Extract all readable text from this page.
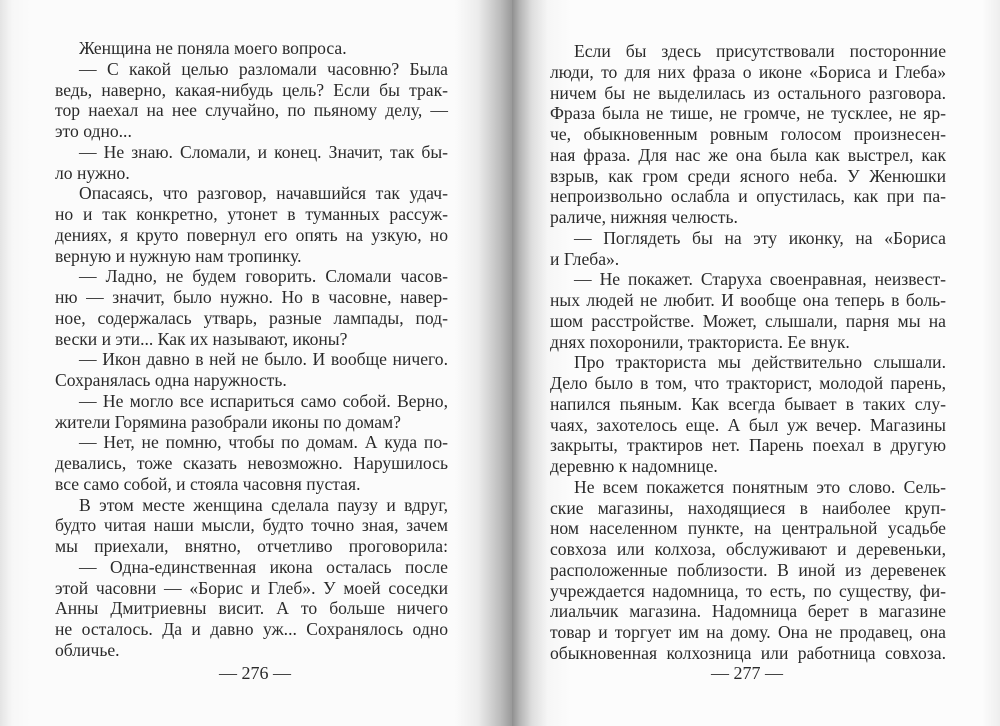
Женщина не поняла моего вопроса.
— С какой целью разломали часовню? Была
ведь, наверно, какая-нибудь цель? Если бы трак-
тор наехал на нее случайно, по пьяному делу, —
это одно...
— Не знаю. Сломали, и конец. Значит, так бы-
ло нужно.
Опасаясь, что разговор, начавшийся так удач-
но и так конкретно, утонет в туманных рассуж-
дениях, я круто повернул его опять на узкую, но
верную и нужную нам тропинку.
— Ладно, не будем говорить. Сломали часов-
ню — значит, было нужно. Но в часовне, навер-
ное, содержалась утварь, разные лампады, под-
вески и эти... Как их называют, иконы?
— Икон давно в ней не было. И вообще ничего.
Сохранялась одна наружность.
— Не могло все испариться само собой. Верно,
жители Горямина разобрали иконы по домам?
— Нет, не помню, чтобы по домам. А куда по-
девались, тоже сказать невозможно. Нарушилось
все само собой, и стояла часовня пустая.
В этом месте женщина сделала паузу и вдруг,
будто читая наши мысли, будто точно зная, зачем
мы приехали, внятно, отчетливо проговорила:
— Одна-единственная икона осталась после
этой часовни — «Борис и Глеб». У моей соседки
Анны Дмитриевны висит. А то больше ничего
не осталось. Да и давно уж... Сохранялось одно
обличье.
— 276 —
Если бы здесь присутствовали посторонние
люди, то для них фраза о иконе «Бориса и Глеба»
ничем бы не выделилась из остального разговора.
Фраза была не тише, не громче, не тусклее, не яр-
че, обыкновенным ровным голосом произнесен-
ная фраза. Для нас же она была как выстрел, как
взрыв, как гром среди ясного неба. У Женюшки
непроизвольно ослабла и опустилась, как при па-
раличе, нижняя челюсть.
— Поглядеть бы на эту иконку, на «Бориса
и Глеба».
— Не покажет. Старуха своенравная, неизвест-
ных людей не любит. И вообще она теперь в боль-
шом расстройстве. Может, слышали, парня мы на
днях похоронили, тракториста. Ее внук.
Про тракториста мы действительно слышали.
Дело было в том, что тракторист, молодой парень,
напился пьяным. Как всегда бывает в таких слу-
чаях, захотелось еще. А был уж вечер. Магазины
закрыты, трактиров нет. Парень поехал в другую
деревню к надомнице.
Не всем покажется понятным это слово. Сель-
ские магазины, находящиеся в наиболее круп-
ном населенном пункте, на центральной усадьбе
совхоза или колхоза, обслуживают и деревеньки,
расположенные поблизости. В иной из деревенек
учреждается надомница, то есть, по существу, фи-
лиальчик магазина. Надомница берет в магазине
товар и торгует им на дому. Она не продавец, она
обыкновенная колхозница или работница совхоза.
— 277 —
